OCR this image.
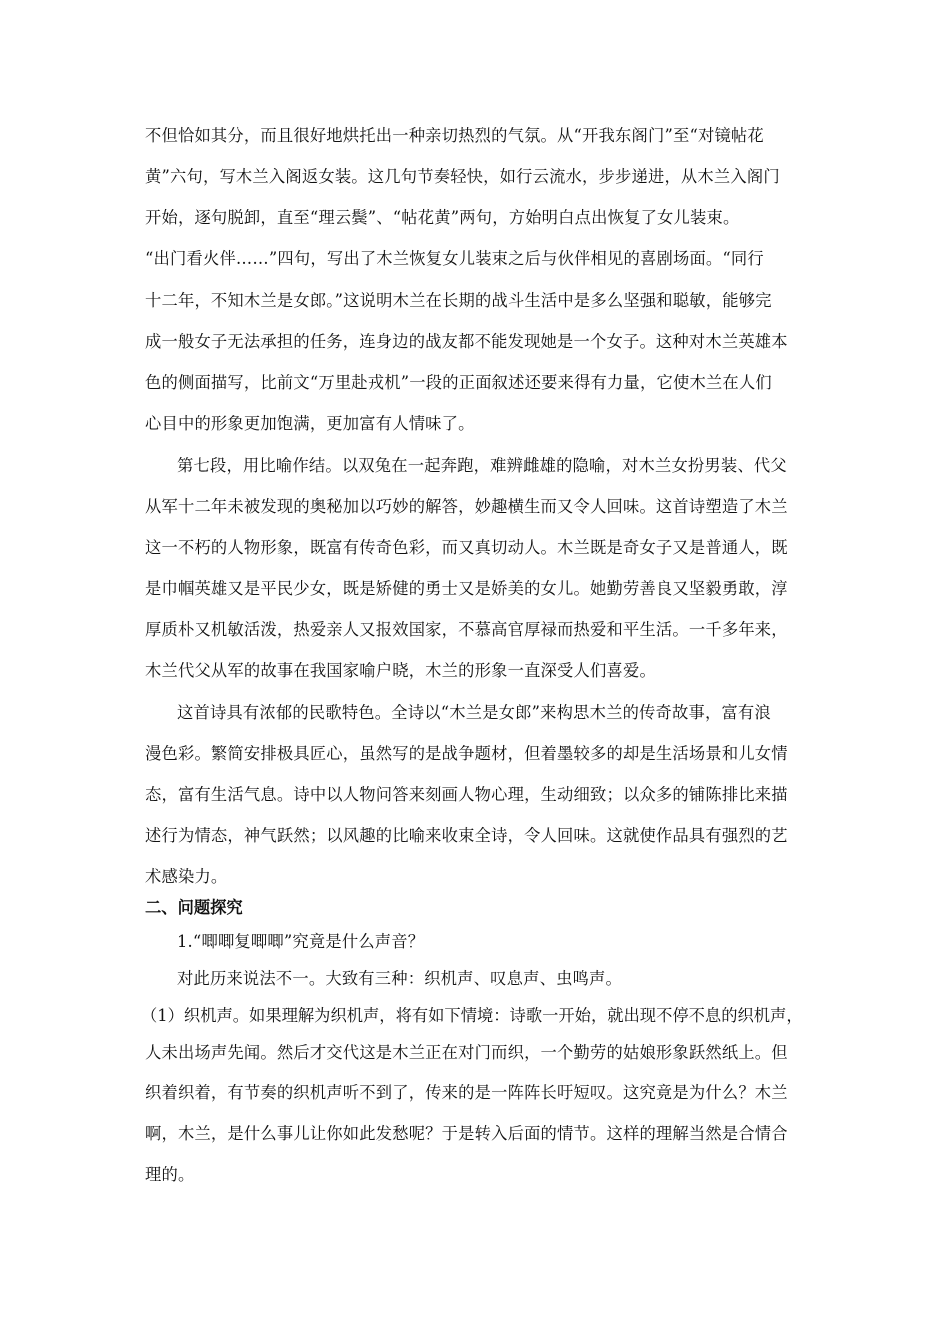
不但恰如其分，而且很好地烘托出一种亲切热烈的气氛。从“开我东阁门”至“对镜帖花
黄”六句，写木兰入阁返女装。这几句节奏轻快，如行云流水，步步递进，从木兰入阁门
开始，逐句脱卸，直至“理云鬓”、“帖花黄”两句，方始明白点出恢复了女儿装束。
“出门看火伴……”四句，写出了木兰恢复女儿装束之后与伙伴相见的喜剧场面。“同行
十二年，不知木兰是女郎。”这说明木兰在长期的战斗生活中是多么坚强和聪敏，能够完
成一般女子无法承担的任务，连身边的战友都不能发现她是一个女子。这种对木兰英雄本
色的侧面描写，比前文“万里赴戎机”一段的正面叙述还要来得有力量，它使木兰在人们
心目中的形象更加饱满，更加富有人情味了。
第七段，用比喻作结。以双兔在一起奔跑，难辨雌雄的隐喻，对木兰女扮男装、代父
从军十二年未被发现的奥秘加以巧妙的解答，妙趣横生而又令人回味。这首诗塑造了木兰
这一不朽的人物形象，既富有传奇色彩，而又真切动人。木兰既是奇女子又是普通人，既
是巾帼英雄又是平民少女，既是矫健的勇士又是娇美的女儿。她勤劳善良又坚毅勇敢，淳
厚质朴又机敏活泼，热爱亲人又报效国家，不慕高官厚禄而热爱和平生活。一千多年来，
木兰代父从军的故事在我国家喻户晓，木兰的形象一直深受人们喜爱。
这首诗具有浓郁的民歌特色。全诗以“木兰是女郎”来构思木兰的传奇故事，富有浪
漫色彩。繁简安排极具匠心，虽然写的是战争题材，但着墨较多的却是生活场景和儿女情
态，富有生活气息。诗中以人物问答来刻画人物心理，生动细致；以众多的铺陈排比来描
述行为情态，神气跃然；以风趣的比喻来收束全诗，令人回味。这就使作品具有强烈的艺
术感染力。
二、问题探究
1.“唧唧复唧唧”究竟是什么声音？
对此历来说法不一。大致有三种：织机声、叹息声、虫鸣声。
（1）织机声。如果理解为织机声，将有如下情境：诗歌一开始，就出现不停不息的织机声，
人未出场声先闻。然后才交代这是木兰正在对门而织，一个勤劳的姑娘形象跃然纸上。但
织着织着，有节奏的织机声听不到了，传来的是一阵阵长吁短叹。这究竟是为什么？木兰
啊，木兰，是什么事儿让你如此发愁呢？于是转入后面的情节。这样的理解当然是合情合
理的。
